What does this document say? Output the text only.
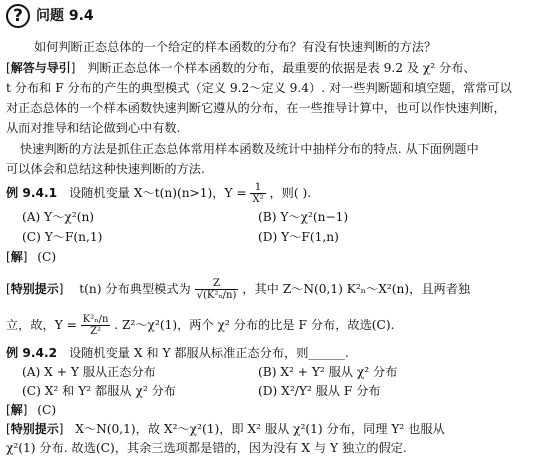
? 问题 9.4
如何判断正态总体的一个给定的样本函数的分布？有没有快速判断的方法？
[解答与导引] 判断正态总体一个样本函数的分布，最重要的依据是表 9.2 及 χ² 分布、
t 分布和 F 分布的产生的典型模式（定义 9.2～定义 9.4）. 对一些判断题和填空题，常常可以
对正态总体的一个样本函数快速判断它遵从的分布，在一些推导计算中，也可以作快速判断，
从而对推导和结论做到心中有数.
快速判断的方法是抓住正态总体常用样本函数及统计中抽样分布的特点. 从下面例题中
可以体会和总结这种快速判断的方法.
例 9.4.1 设随机变量 X～t(n)(n>1)，$Y = \frac{1}{\text{X²}}$ ，则( ).
(A) Y～χ²(n)	(B) Y～χ²(n−1)
(C) Y～F(n,1)	(D) Y～F(1,n)
[解] (C)
[特别提示] t(n) 分布典型模式为 $\frac{Z}{\text{√(K²ₙ/n)}}$ ，其中 Z～N(0,1) K²ₙ～X²(n)，且两者独
立，故，$Y = \frac{\text{K²ₙ/n}}{\text{Z²}}$ . Z²～χ²(1)，两个 χ² 分布的比是 F 分布，故选(C).
例 9.4.2 设随机变量 X 和 Y 都服从标准正态分布，则______.
(A) X + Y 服从正态分布	(B) X² + Y² 服从 χ² 分布
(C) X² 和 Y² 都服从 χ² 分布	(D) X²/Y² 服从 F 分布
[解] (C)
[特别提示] X～N(0,1)，故 X²～χ²(1)，即 X² 服从 χ²(1) 分布，同理 Y² 也服从
χ²(1) 分布. 故选(C)，其余三选项都是错的，因为没有 X 与 Y 独立的假定.
